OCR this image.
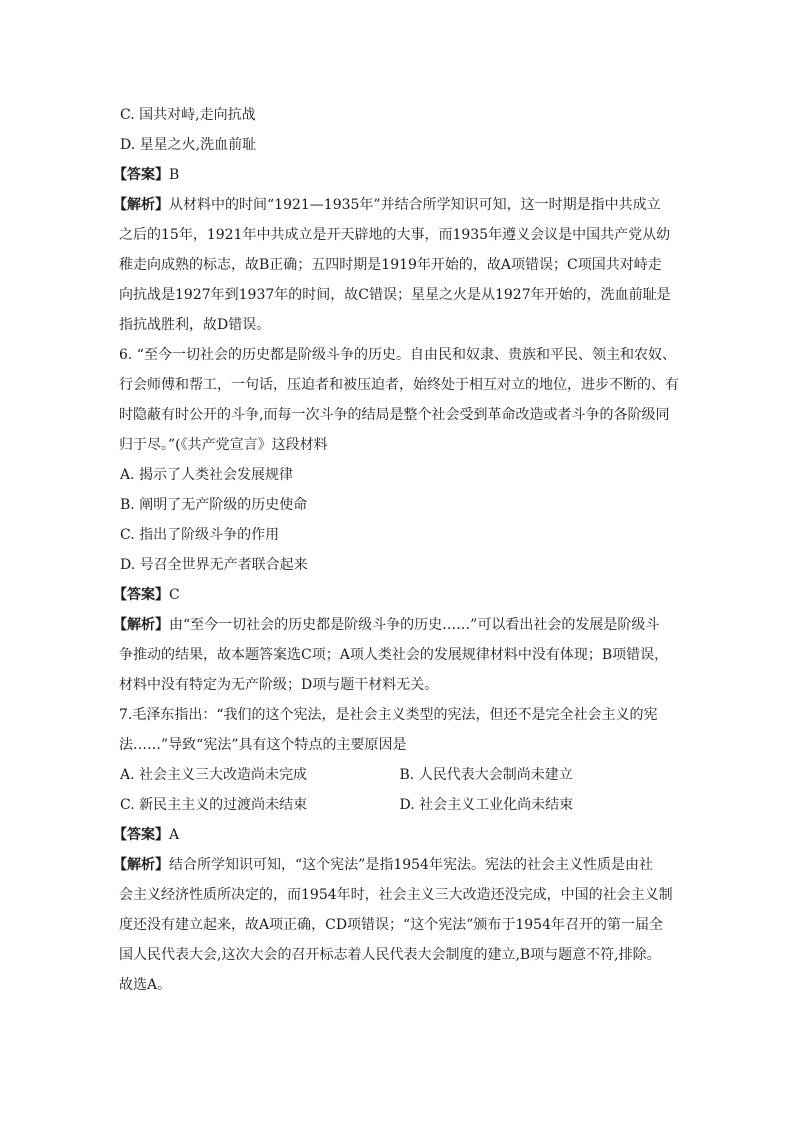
C. 国共对峙,走向抗战
D. 星星之火,洗血前耻
【答案】B
【解析】从材料中的时间“1921—1935年”并结合所学知识可知，这一时期是指中共成立
之后的15年，1921年中共成立是开天辟地的大事，而1935年遵义会议是中国共产党从幼
稚走向成熟的标志，故B正确；五四时期是1919年开始的，故A项错误；C项国共对峙走
向抗战是1927年到1937年的时间，故C错误；星星之火是从1927年开始的，洗血前耻是
指抗战胜利，故D错误。
6. “至今一切社会的历史都是阶级斗争的历史。自由民和奴隶、贵族和平民、领主和农奴、
行会师傅和帮工，一句话，压迫者和被压迫者，始终处于相互对立的地位，进步不断的、有
时隐蔽有时公开的斗争,而每一次斗争的结局是整个社会受到革命改造或者斗争的各阶级同
归于尽。”(《共产党宣言》这段材料
A. 揭示了人类社会发展规律
B. 阐明了无产阶级的历史使命
C. 指出了阶级斗争的作用
D. 号召全世界无产者联合起来
【答案】C
【解析】由“至今一切社会的历史都是阶级斗争的历史……”可以看出社会的发展是阶级斗
争推动的结果，故本题答案选C项；A项人类社会的发展规律材料中没有体现；B项错误，
材料中没有特定为无产阶级；D项与题干材料无关。
7.毛泽东指出：“我们的这个宪法，是社会主义类型的宪法，但还不是完全社会主义的宪
法……”导致“宪法”具有这个特点的主要原因是
A. 社会主义三大改造尚未完成	B. 人民代表大会制尚未建立
C. 新民主主义的过渡尚未结束	D. 社会主义工业化尚未结束
【答案】A
【解析】结合所学知识可知，“这个宪法”是指1954年宪法。宪法的社会主义性质是由社
会主义经济性质所决定的，而1954年时，社会主义三大改造还没完成，中国的社会主义制
度还没有建立起来，故A项正确，CD项错误；“这个宪法”颁布于1954年召开的第一届全
国人民代表大会,这次大会的召开标志着人民代表大会制度的建立,B项与题意不符,排除。
故选A。
